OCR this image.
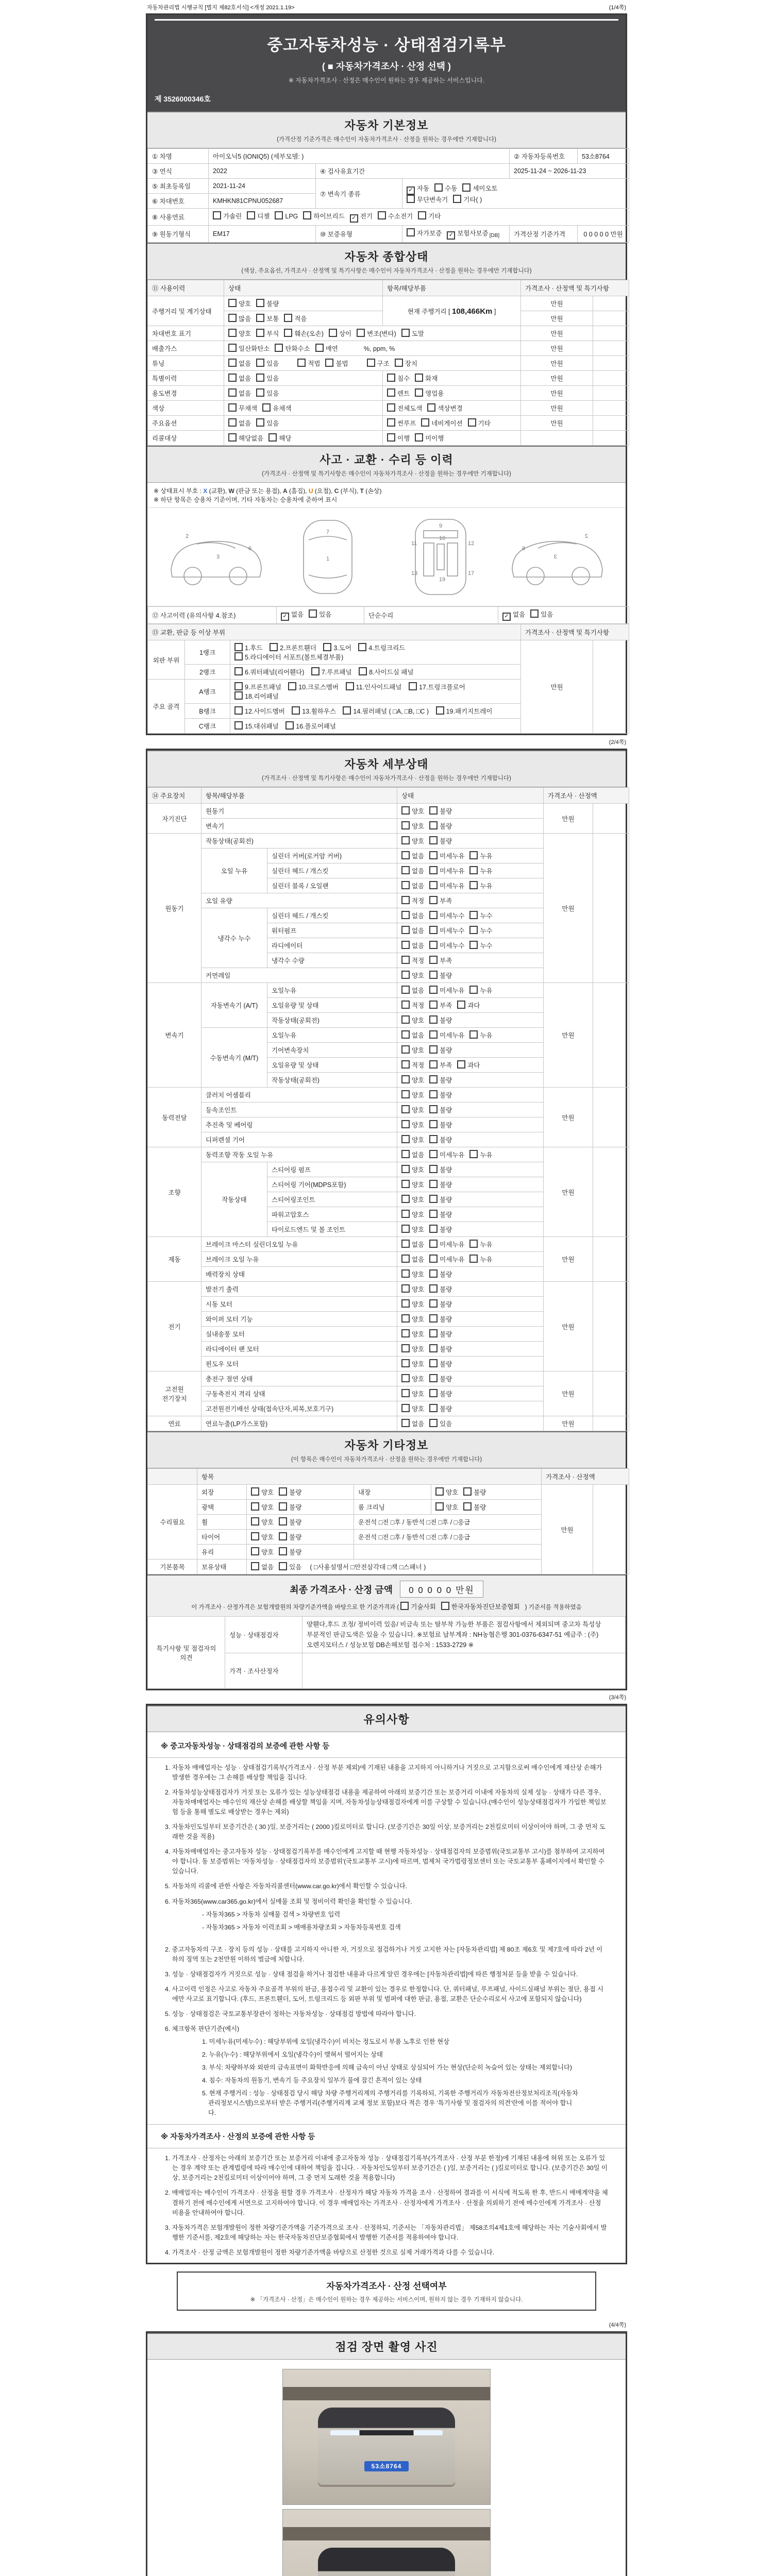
자동차관리법 시행규칙 [별지 제82호서식] <개정 2021.1.19>	(1/4쪽)
중고자동차성능 · 상태점검기록부
( ■ 자동차가격조사 · 산정 선택 )
※ 자동차가격조사 · 산정은 매수인이 원하는 경우 제공하는 서비스입니다.
제 3526000346호
자동차 기본정보
(가격산정 기준가격은 매수인이 자동차가격조사 · 산정을 원하는 경우에만 기재합니다)
① 차명	아이오닉5 (IONIQ5) (세부모델: )			② 자동차등록번호	53소8764
③ 연식	2022	④ 검사유효기간		2025-11-24 ~ 2026-11-23	
⑤ 최초등록일	2021-11-24	⑦ 변속기 종류	✓ 자동 수동 세미오토
무단변속기 기타( )		
⑥ 차대번호	KMHKN81CPNU052687				
⑧ 사용연료	가솔린 디젤 LPG 하이브리드 ✓ 전기 수소전기 기타				
⑨ 원동기형식	EM17	⑩ 보증유형	자가보증 ✓ 보험사보증 $_{[DB]}$	가격산정 기준가격	0 0 0 0 0 만원
자동차 종합상태
(색상, 주요옵션, 가격조사 · 산정액 및 특기사항은 매수인이 자동차가격조사 · 산정을 원하는 경우에만 기재합니다)
⑪ 사용이력	상태	항목/해당부품	가격조사 · 산정액 및 특기사항	
주행거리 및 계기상태	양호 불량	현재 주행거리 [ 108,466Km ]	만원	
	많음 보통 적음		만원	
차대번호 표기	양호 부식 훼손(오손) 상이 변조(변타) 도말		만원	
배출가스	일산화탄소 탄화수소 매연 %, ppm, %		만원	
튜닝	없음 있음 적법 불법 구조 장치		만원	
특별이력	없음 있음	침수 화재	만원	
용도변경	없음 있음	렌트 영업용	만원	
색상	무채색 유채색	전체도색 색상변경	만원	
주요옵션	없음 있음	썬루프 네비게이션 기타	만원	
리콜대상	해당없음 해당	이행 미이행		
사고 · 교환 · 수리 등 이력
(가격조사 · 산정액 및 특기사항은 매수인이 자동차가격조사 · 산정을 원하는 경우에만 기재합니다)
※ 상태표시 부호 : X (교환), W (판금 또는 용접), A (흠집), U (요철), C (부식), T (손상)
※ 하단 항목은 승용차 기준이며, 기타 자동차는 승용차에 준하여 표시
2
3
6
1
7
9
10
11	12
13	17
19
2
3
6
⑫ 사고이력 (유의사항 4.참조)	✓ 없음 있음	단순수리	✓ 없음 있음
⑬ 교환, 판금 등 이상 부위			가격조사 · 산정액 및 특기사항	
외판 부위	1랭크	1.후드 2.프론트휀더 3.도어 4.트렁크리드 5.라디에이터 서포트(볼트체결부품)	만원	
	2랭크	6.쿼터패널(리어휀다) 7.루프패널 8.사이드실 패널		
주요 골격	A랭크	9.프론트패널 10.크로스멤버 11.인사이드패널 17.트렁크플로어 18.리어패널		
	B랭크	12.사이드멤버 13.휠하우스 14.필러패널 ( □A, □B, □C ) 19.패키지트레이		
	C랭크	15.대쉬패널 16.플로어패널		
(2/4쪽)
자동차 세부상태
(가격조사 · 산정액 및 특기사항은 매수인이 자동차가격조사 · 산정을 원하는 경우에만 기재합니다)
⑭ 주요장치	항목/해당부품		상태	가격조사 · 산정액	
자기진단	원동기		양호 불량	만원	
	변속기		양호 불량		
원동기	작동상태(공회전)		양호 불량	만원	
	오일 누유	실린더 커버(로커암 커버)	없음 미세누유 누유		
		실린더 헤드 / 개스킷	없음 미세누유 누유		
		실린더 블록 / 오일팬	없음 미세누유 누유		
	오일 유량		적정 부족		
	냉각수 누수	실린더 헤드 / 개스킷	없음 미세누수 누수		
		워터펌프	없음 미세누수 누수		
		라디에이터	없음 미세누수 누수		
		냉각수 수량	적정 부족		
	커먼레일		양호 불량		
변속기	자동변속기 (A/T)	오일누유	없음 미세누유 누유	만원	
		오일유량 및 상태	적정 부족 과다		
		작동상태(공회전)	양호 불량		
	수동변속기 (M/T)	오일누유	없음 미세누유 누유		
		기어변속장치	양호 불량		
		오일유량 및 상태	적정 부족 과다		
		작동상태(공회전)	양호 불량		
동력전달	클러치 어셈블리		양호 불량	만원	
	등속조인트		양호 불량		
	추진축 및 베어링		양호 불량		
	디퍼렌셜 기어		양호 불량		
조향	동력조향 작동 오일 누유		없음 미세누유 누유	만원	
	작동상태	스티어링 펌프	양호 불량		
		스티어링 기어(MDPS포함)	양호 불량		
		스티어링조인트	양호 불량		
		파워고압호스	양호 불량		
		타이로드엔드 및 볼 조인트	양호 불량		
제동	브레이크 마스터 실린더오일 누유		없음 미세누유 누유	만원	
	브레이크 오일 누유		없음 미세누유 누유		
	배력장치 상태		양호 불량		
전기	발전기 출력		양호 불량	만원	
	시동 모터		양호 불량		
	와이퍼 모터 기능		양호 불량		
	실내송풍 모터		양호 불량		
	라디에이터 팬 모터		양호 불량		
	윈도우 모터		양호 불량		
고전원 전기장치	충전구 절연 상태		양호 불량	만원	
	구동축전지 격리 상태		양호 불량		
	고전원전기배선 상태(접속단자,피복,보호기구)		양호 불량		
연료	연료누출(LP가스포함)		없음 있음	만원	
자동차 기타정보
(이 항목은 매수인이 자동차가격조사 · 산정을 원하는 경우에만 기재합니다)
	항목				가격조사 · 산정액	
수리필요	외장	양호 불량	내장	양호 불량	만원	
	광택	양호 불량	룸 크리닝	양호 불량		
	휠	양호 불량	운전석 □전 □후 / 동반석 □전 □후 / □응급			
	타이어	양호 불량	운전석 □전 □후 / 동반석 □전 □후 / □응급			
	유리	양호 불량				
기본품목	보유상태	없음 있음 ( □사용설명서 □안전삼각대 □잭 □스패너 )				
최종 가격조사 · 산정 금액 0 0 0 0 0 만원
이 가격조사 · 산정가격은 보험개발원의 차량기준가액을 바탕으로 한 기준가격과 ( 기술사회 한국자동차진단보증협회 ) 기준서를 적용하였음
특기사항 및 점검자의 의견	성능 · 상태점검자	양휀다,후드 조정/ 정비이력 있음/ 비금속 또는 탈부착 가능한 부품은 점검사항에서 제외되며 중고차 특성상 부분적인 판금도색은 있을 수 있습니다. ※보험료 납부계좌 : NH농협은행 301-0376-6347-51 예금주 : (주)오렌지모터스 / 성능보험 DB손해보험 접수처 : 1533-2729 ※

	가격 · 조사산정자	
(3/4쪽)
유의사항
※ 중고자동차성능 · 상태점검의 보증에 관한 사항 등
1. 자동차 매매업자는 성능 · 상태점검기록부(가격조사 · 산정 부분 제외)에 기재된 내용을 고지하지 아니하거나 거짓으로 고지함으로써 매수인에게 재산상 손해가 발생한 경우에는 그 손해를 배상할 책임을 집니다.
2. 자동차성능상태점검자가 거짓 또는 오류가 있는 성능상태점검 내용을 제공하여 아래의 보증기간 또는 보증거리 이내에 자동차의 실제 성능 · 상태가 다른 경우, 자동차매매업자는 매수인의 재산상 손해를 배상할 책임을 지며, 자동차성능상태점검자에게 이를 구상할 수 있습니다.(매수인이 성능상태점검자가 가입한 책임보험 등을 통해 별도로 배상받는 경우는 제외)
3. 자동차인도일부터 보증기간은 ( 30 )일, 보증거리는 ( 2000 )킬로미터로 합니다. (보증기간은 30일 이상, 보증거리는 2천킬로미터 이상이어야 하며, 그 중 먼저 도래한 것을 적용)
4. 자동차매매업자는 중고자동차 성능 · 상태점검기록부를 매수인에게 고지할 때 현행 자동차성능 · 상태점검자의 보증범위(국토교통부 고시)를 첨부하여 고지하여야 합니다. 동 보증범위는 '자동차성능 · 상태점검자의 보증범위'(국토교통부 고시)에 따르며, 법제처 국가법령정보센터 또는 국토교통부 홈페이지에서 확인할 수 있습니다.
5. 자동차의 리콜에 관한 사항은 자동차리콜센터(www.car.go.kr)에서 확인할 수 있습니다.
6. 자동차365(www.car365.go.kr)에서 실매물 조회 및 정비이력 확인을 확인할 수 있습니다.
- 자동차365 > 자동차 실매물 검색 > 차량번호 입력
- 자동차365 > 자동차 이력조회 > 매매용차량조회 > 자동차등록번호 검색
2. 중고자동차의 구조 · 장치 등의 성능 · 상태를 고지하지 아니한 자, 거짓으로 점검하거나 거짓 고지한 자는 [자동차관리법] 제 80조 제6호 및 제7호에 따라 2년 이하의 징역 또는 2천만원 이하의 벌금에 처합니다.
3. 성능 · 상태점검자가 거짓으로 성능 · 상태 점검을 하거나 점검한 내용과 다르게 알린 경우에는 [자동차관리법]에 따른 행정처분 등을 받을 수 있습니다.
4. 사고이력 인정은 사고로 자동차 주요골격 부위의 판금, 용접수리 및 교환이 있는 경우로 한정합니다. 단, 쿼터패널, 루프패널, 사이드실패널 부위는 절단, 용접 시에만 사고로 표기합니다. (후드, 프론트휀더, 도어, 트렁크리드 등 외판 부위 및 범퍼에 대한 판금, 용접, 교환은 단순수리로서 사고에 포함되지 않습니다)
5. 성능 · 상태점검은 국토교통부장관이 정하는 자동차성능 · 상태점검 방법에 따라야 합니다.
6. 체크항목 판단기준(예시)
1. 미세누유(미세누수) : 해당부위에 오일(냉각수)이 비치는 정도로서 부품 노후로 인한 현상
2. 누유(누수) : 해당부위에서 오일(냉각수)이 맺혀서 떨어지는 상태
3. 부식: 차량하부와 외판의 금속표면이 화학반응에 의해 금속이 아닌 상태로 상실되어 가는 현상(단순히 녹슬어 있는 상태는 제외합니다)
4. 침수: 자동차의 원동기, 변속기 등 주요장치 일부가 물에 잠긴 흔적이 있는 상태
5. 현재 주행거리 : 성능 · 상태점검 당시 해당 차량 주행거리계의 주행거리를 기록하되, 기록한 주행거리가 자동차전산정보처리조직(자동차관리정보시스템)으로부터 받은 주행거리(주행거리계 교체 정보 포함)보다 적은 경우 '특기사항 및 점검자의 의견'란에 이를 적어야 합니다.
※ 자동차가격조사 · 산정의 보증에 관한 사항 등
1. 가격조사 · 산정자는 아래의 보증기간 또는 보증거리 이내에 중고자동차 성능 · 상태점검기록부(가격조사 · 산정 부분 한정)에 기재된 내용에 허위 또는 오류가 있는 경우 계약 또는 관계법령에 따라 매수인에 대하여 책임을 집니다. · 자동차인도일부터 보증기간은 ( )일, 보증거리는 ( )킬로미터로 합니다. (보증기간은 30일 이상, 보증거리는 2천킬로미터 이상이어야 하며, 그 중 먼저 도래한 것을 적용합니다)
2. 매매업자는 매수인이 가격조사 · 산정을 원할 경우 가격조사 · 산정자가 해당 자동차 가격을 조사 · 산정하여 결과를 이 서식에 적도록 한 후, 반드시 매매계약을 체결하기 전에 매수인에게 서면으로 고지하여야 합니다. 이 경우 매매업자는 가격조사 · 산정자에게 가격조사 · 산정을 의뢰하기 전에 매수인에게 가격조사 · 산정 비용을 안내하여야 합니다.
3. 자동차가격은 보험개발원이 정한 차량기준가액을 기준가격으로 조사 · 산정하되, 기준서는 「자동차관리법」 제58조의4제1호에 해당하는 자는 기술사회에서 발행한 기준서를, 제2호에 해당하는 자는 한국자동차진단보증협회에서 발행한 기준서를 적용하여야 합니다.
4. 가격조사 · 산정 금액은 보험개발원이 정한 차량기준가액을 바탕으로 산정한 것으로 실제 거래가격과 다를 수 있습니다.
자동차가격조사 · 산정 선택여부
※ 「가격조사 · 산정」은 매수인이 원하는 경우 제공하는 서비스이며, 원하지 않는 경우 기재하지 않습니다.
(4/4쪽)
점검 장면 촬영 사진
53소8764
